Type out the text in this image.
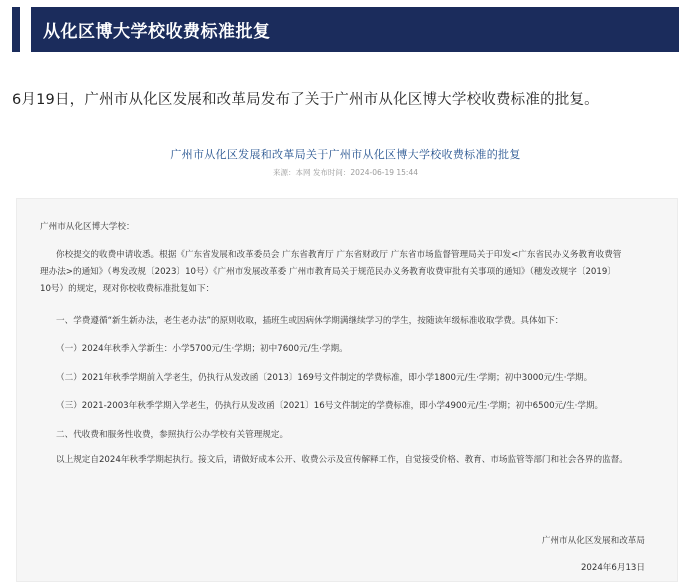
从化区博大学校收费标准批复
6月19日，广州市从化区发展和改革局发布了关于广州市从化区博大学校收费标准的批复。
广州市从化区发展和改革局关于广州市从化区博大学校收费标准的批复
来源：本网 发布时间：2024-06-19 15:44
广州市从化区博大学校：
你校提交的收费申请收悉。根据《广东省发展和改革委员会 广东省教育厅 广东省财政厅 广东省市场监督管理局关于印发<广东省民办义务教育收费管
理办法>的通知》（粤发改规〔2023〕10号）《广州市发展改革委 广州市教育局关于规范民办义务教育收费审批有关事项的通知》（穗发改规字〔2019〕
10号）的规定，现对你校收费标准批复如下：
一、学费遵循“新生新办法，老生老办法”的原则收取，插班生或因病休学期满继续学习的学生，按随读年级标准收取学费。具体如下：
（一）2024年秋季入学新生：小学5700元/生·学期；初中7600元/生·学期。
（二）2021年秋季学期前入学老生，仍执行从发改函〔2013〕169号文件制定的学费标准，即小学1800元/生·学期；初中3000元/生·学期。
（三）2021-2003年秋季学期入学老生，仍执行从发改函〔2021〕16号文件制定的学费标准，即小学4900元/生·学期；初中6500元/生·学期。
二、代收费和服务性收费，参照执行公办学校有关管理规定。
以上规定自2024年秋季学期起执行。接文后，请做好成本公开、收费公示及宣传解释工作，自觉接受价格、教育、市场监管等部门和社会各界的监督。
广州市从化区发展和改革局
2024年6月13日
